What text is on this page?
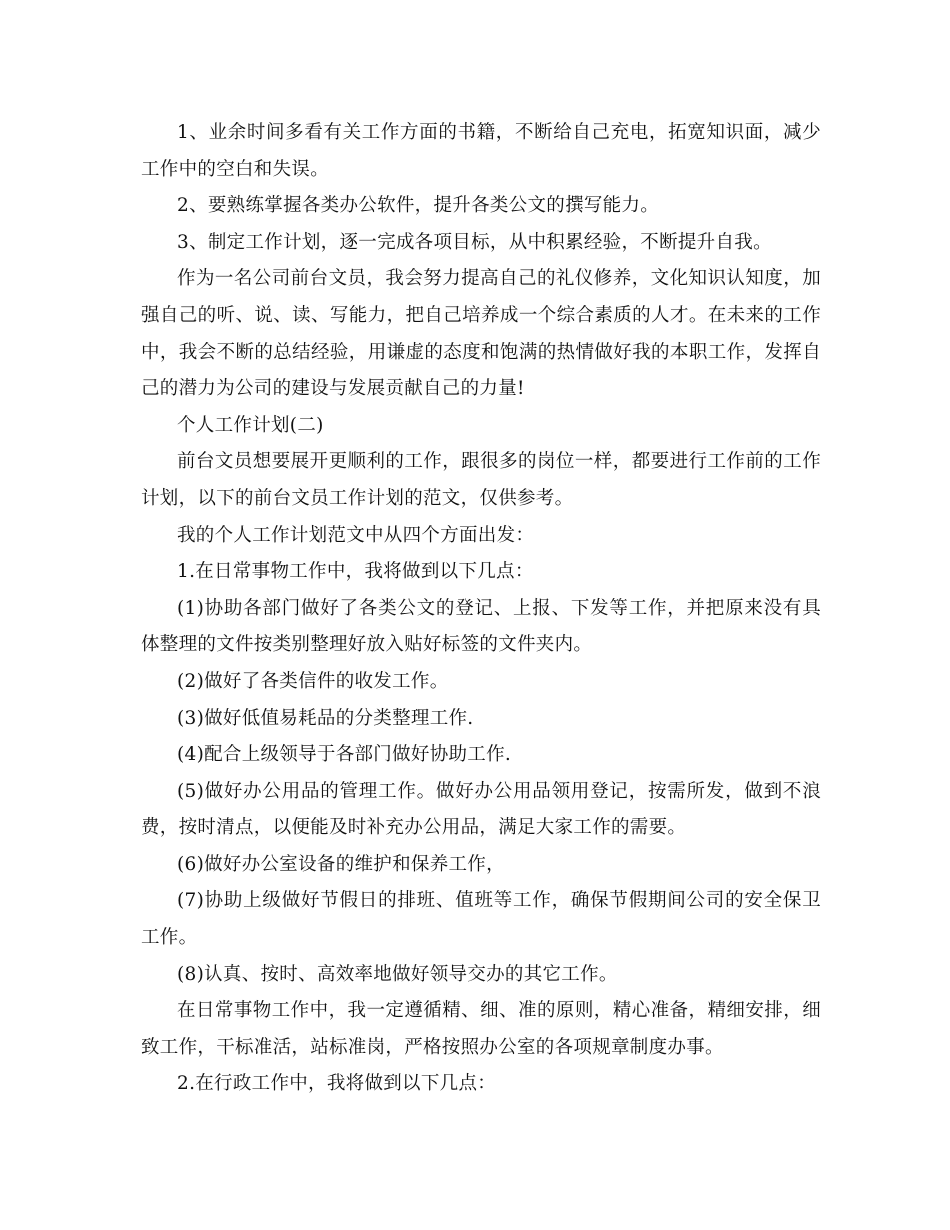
1、业余时间多看有关工作方面的书籍，不断给自己充电，拓宽知识面，减少工作中的空白和失误。

2、要熟练掌握各类办公软件，提升各类公文的撰写能力。

3、制定工作计划，逐一完成各项目标，从中积累经验，不断提升自我。

作为一名公司前台文员，我会努力提高自己的礼仪修养，文化知识认知度，加强自己的听、说、读、写能力，把自己培养成一个综合素质的人才。在未来的工作中，我会不断的总结经验，用谦虚的态度和饱满的热情做好我的本职工作，发挥自己的潜力为公司的建设与发展贡献自己的力量!

个人工作计划(二)

前台文员想要展开更顺利的工作，跟很多的岗位一样，都要进行工作前的工作计划，以下的前台文员工作计划的范文，仅供参考。

我的个人工作计划范文中从四个方面出发：

1.在日常事物工作中，我将做到以下几点：

(1)协助各部门做好了各类公文的登记、上报、下发等工作，并把原来没有具体整理的文件按类别整理好放入贴好标签的文件夹内。

(2)做好了各类信件的收发工作。

(3)做好低值易耗品的分类整理工作.

(4)配合上级领导于各部门做好协助工作.

(5)做好办公用品的管理工作。做好办公用品领用登记，按需所发，做到不浪费，按时清点，以便能及时补充办公用品，满足大家工作的需要。

(6)做好办公室设备的维护和保养工作，

(7)协助上级做好节假日的排班、值班等工作，确保节假期间公司的安全保卫工作。

(8)认真、按时、高效率地做好领导交办的其它工作。

在日常事物工作中，我一定遵循精、细、准的原则，精心准备，精细安排，细致工作，干标准活，站标准岗，严格按照办公室的各项规章制度办事。

2.在行政工作中，我将做到以下几点：
